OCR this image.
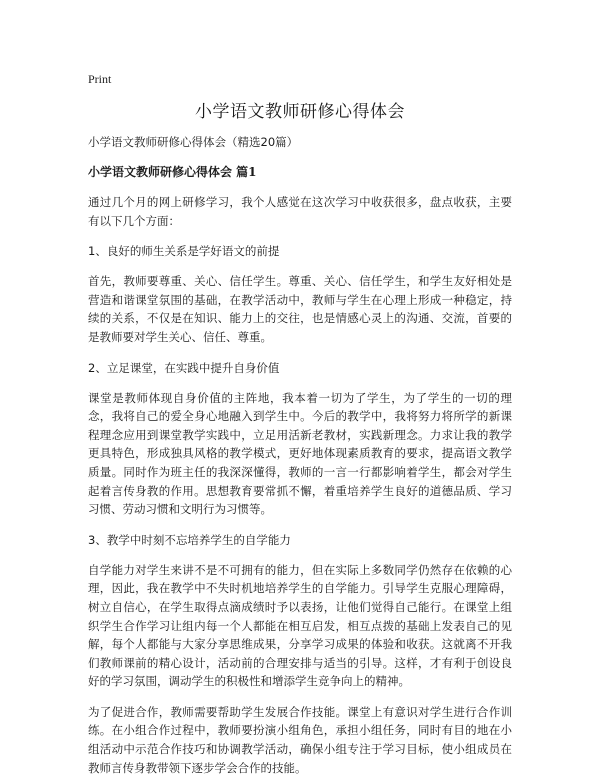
Print
小学语文教师研修心得体会

小学语文教师研修心得体会（精选20篇）

小学语文教师研修心得体会 篇1

通过几个月的网上研修学习，我个人感觉在这次学习中收获很多，盘点收获，主要有以下几个方面：

1、良好的师生关系是学好语文的前提

首先，教师要尊重、关心、信任学生。尊重、关心、信任学生，和学生友好相处是营造和谐课堂氛围的基础，在教学活动中，教师与学生在心理上形成一种稳定，持续的关系，不仅是在知识、能力上的交往，也是情感心灵上的沟通、交流，首要的是教师要对学生关心、信任、尊重。

2、立足课堂，在实践中提升自身价值

课堂是教师体现自身价值的主阵地，我本着一切为了学生，为了学生的一切的理念，我将自己的爱全身心地融入到学生中。今后的教学中，我将努力将所学的新课程理念应用到课堂教学实践中，立足用活新老教材，实践新理念。力求让我的教学更具特色，形成独具风格的教学模式，更好地体现素质教育的要求，提高语文教学质量。同时作为班主任的我深深懂得，教师的一言一行都影响着学生，都会对学生起着言传身教的作用。思想教育要常抓不懈，着重培养学生良好的道德品质、学习习惯、劳动习惯和文明行为习惯等。

3、教学中时刻不忘培养学生的自学能力

自学能力对学生来讲不是不可拥有的能力，但在实际上多数同学仍然存在依赖的心理，因此，我在教学中不失时机地培养学生的自学能力。引导学生克服心理障碍，树立自信心，在学生取得点滴成绩时予以表扬，让他们觉得自己能行。在课堂上组织学生合作学习让组内每一个人都能在相互启发，相互点拨的基础上发表自己的见解，每个人都能与大家分享思维成果，分享学习成果的体验和收获。这就离不开我们教师课前的精心设计，活动前的合理安排与适当的引导。这样，才有利于创设良好的学习氛围，调动学生的积极性和增添学生竞争向上的精神。

为了促进合作，教师需要帮助学生发展合作技能。课堂上有意识对学生进行合作训练。在小组合作过程中，教师要扮演小组角色，承担小组任务，同时有目的地在小组活动中示范合作技巧和协调教学活动，确保小组专注于学习目标，使小组成员在教师言传身教带领下逐步学会合作的技能。
